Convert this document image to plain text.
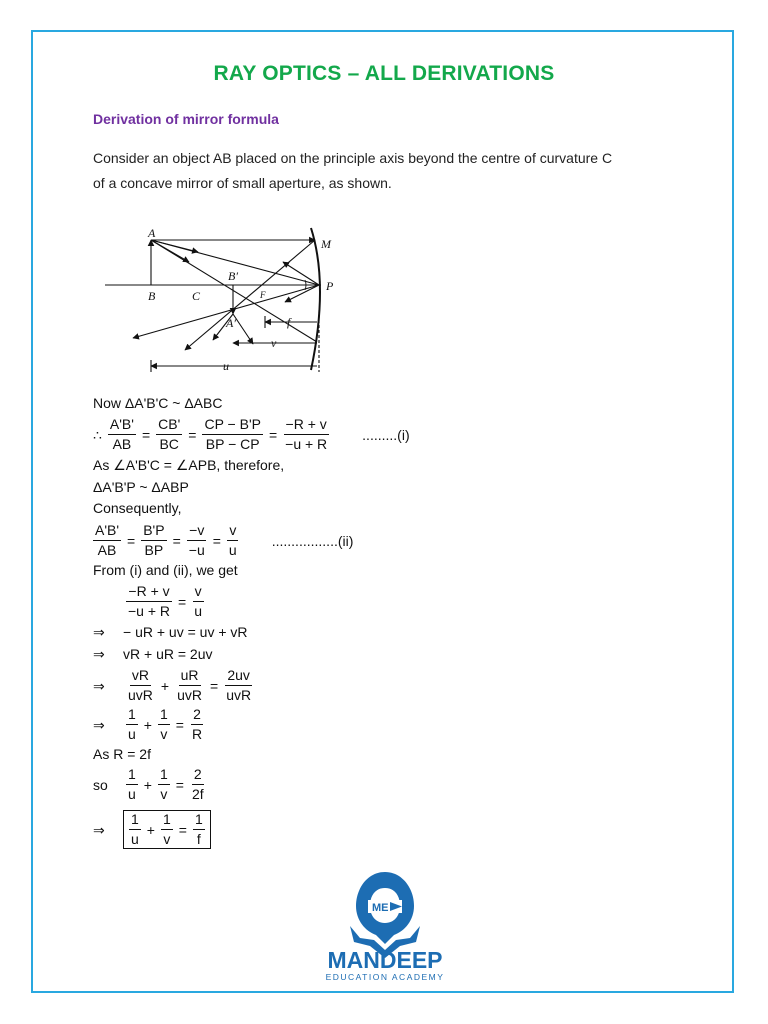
RAY OPTICS – ALL DERIVATIONS
Derivation of mirror formula
Consider an object AB placed on the principle axis beyond the centre of curvature C
of a concave mirror of small aperture, as shown.
A
B	C
B′
F
A′
M
P
f
v
u
Now ΔA'B'C ~ ΔABC
∴ $\frac{A'B'}{AB} = \frac{CB'}{BC} = \frac{CP - B'P}{BP - CP} = \frac{-R + v}{-u + R} .........(i)$
As ∠A'B'C = ∠APB, therefore,
ΔA'B'P ~ ΔABP
Consequently,
$\frac{A'B'}{AB} = \frac{B'P}{BP} = \frac{-v}{-u} = \frac{v}{u} .................(ii)$
From (i) and (ii), we get
$\frac{-R + v}{-u + R} = \frac{v}{u}$
⇒	− uR + uv = uv + vR
⇒	vR + uR = 2uv
⇒	$\frac{vR}{\text{uvR}} + \frac{uR}{\text{uvR}} = \frac{2uv}{\text{uvR}}$
⇒	$\frac{1}{u} + \frac{1}{v} = \frac{2}{R}$
As R = 2f
so	$\frac{1}{u} + \frac{1}{v} = \frac{2}{2f}$
⇒	$\frac{1}{u} + \frac{1}{v} = \frac{1}{f}$
ME
MANDEEP
EDUCATION ACADEMY
